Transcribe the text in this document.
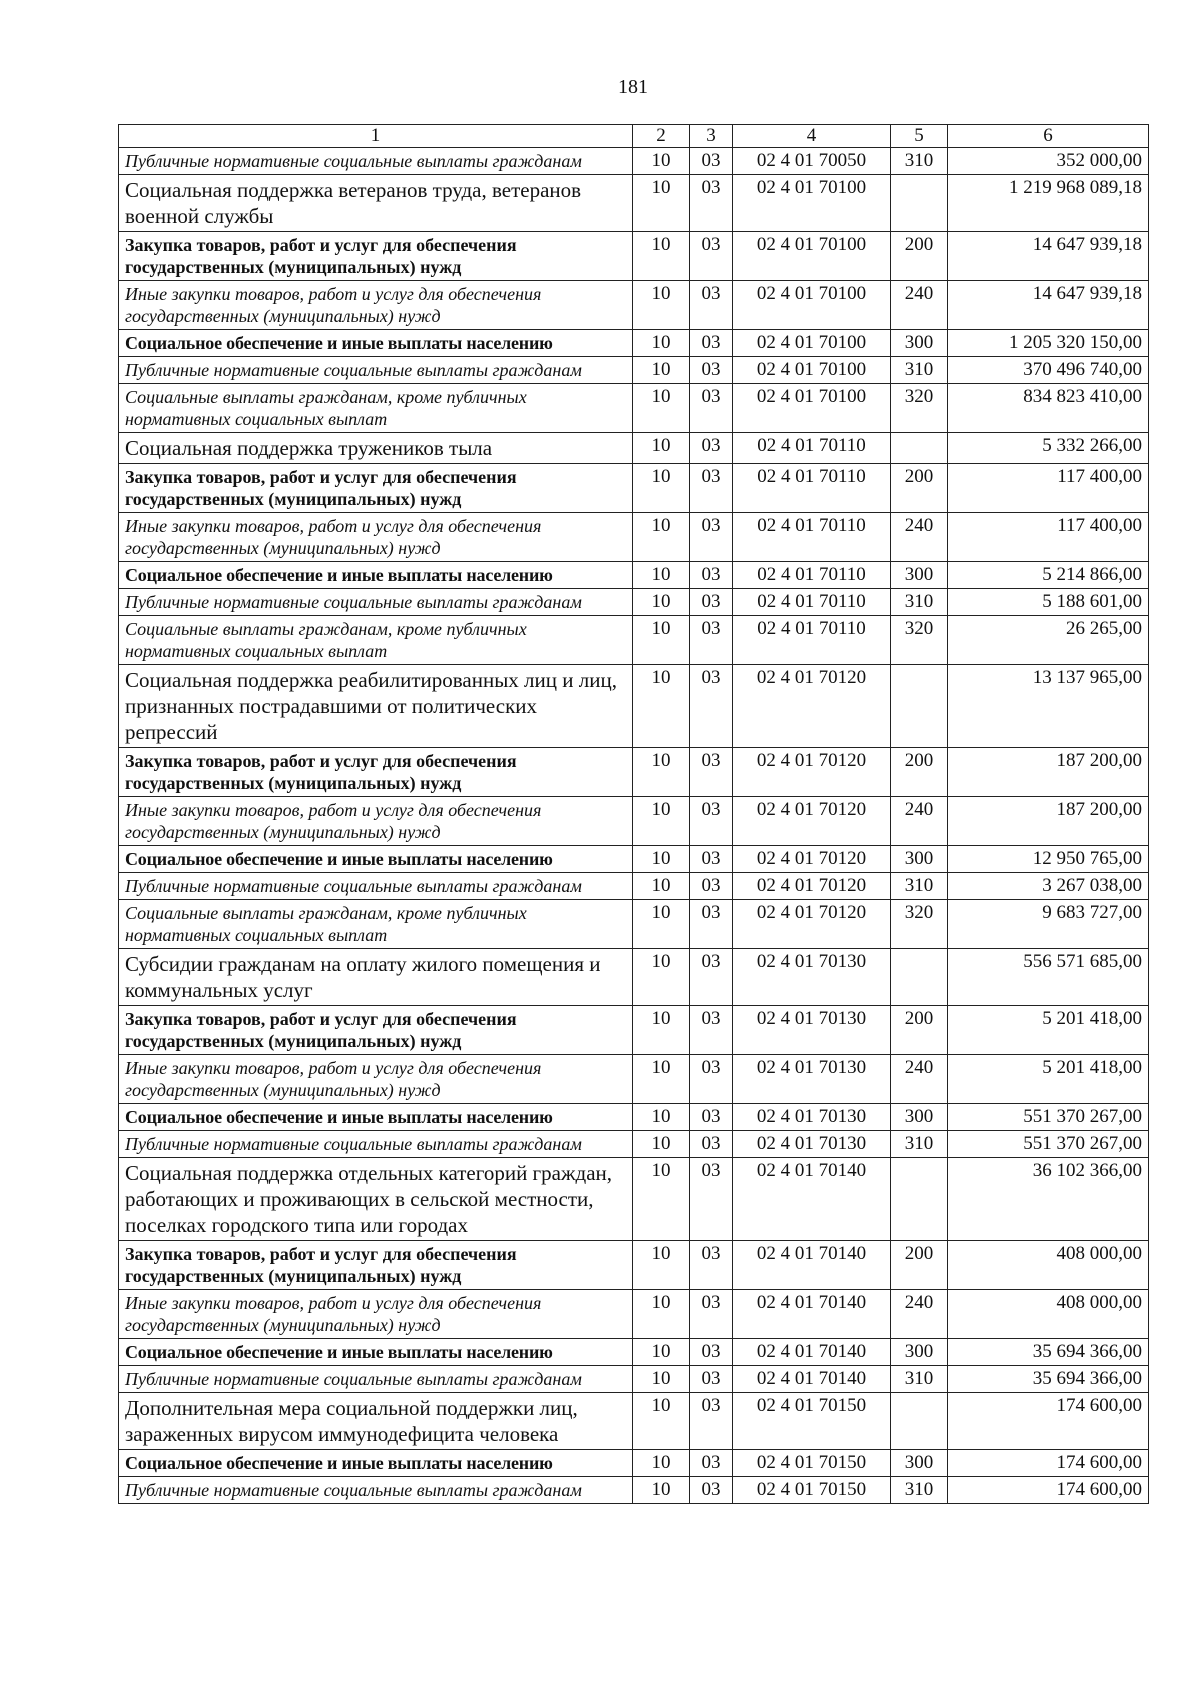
181
1	2	3	4	5	6
Публичные нормативные социальные выплаты гражданам	10	03	02 4 01 70050	310	352 000,00
Социальная поддержка ветеранов труда, ветеранов военной службы	10	03	02 4 01 70100		1 219 968 089,18
Закупка товаров, работ и услуг для обеспечения государственных (муниципальных) нужд	10	03	02 4 01 70100	200	14 647 939,18
Иные закупки товаров, работ и услуг для обеспечения государственных (муниципальных) нужд	10	03	02 4 01 70100	240	14 647 939,18
Социальное обеспечение и иные выплаты населению	10	03	02 4 01 70100	300	1 205 320 150,00
Публичные нормативные социальные выплаты гражданам	10	03	02 4 01 70100	310	370 496 740,00
Социальные выплаты гражданам, кроме публичных нормативных социальных выплат	10	03	02 4 01 70100	320	834 823 410,00
Социальная поддержка тружеников тыла	10	03	02 4 01 70110		5 332 266,00
Закупка товаров, работ и услуг для обеспечения государственных (муниципальных) нужд	10	03	02 4 01 70110	200	117 400,00
Иные закупки товаров, работ и услуг для обеспечения государственных (муниципальных) нужд	10	03	02 4 01 70110	240	117 400,00
Социальное обеспечение и иные выплаты населению	10	03	02 4 01 70110	300	5 214 866,00
Публичные нормативные социальные выплаты гражданам	10	03	02 4 01 70110	310	5 188 601,00
Социальные выплаты гражданам, кроме публичных нормативных социальных выплат	10	03	02 4 01 70110	320	26 265,00
Социальная поддержка реабилитированных лиц и лиц, признанных пострадавшими от политических репрессий	10	03	02 4 01 70120		13 137 965,00
Закупка товаров, работ и услуг для обеспечения государственных (муниципальных) нужд	10	03	02 4 01 70120	200	187 200,00
Иные закупки товаров, работ и услуг для обеспечения государственных (муниципальных) нужд	10	03	02 4 01 70120	240	187 200,00
Социальное обеспечение и иные выплаты населению	10	03	02 4 01 70120	300	12 950 765,00
Публичные нормативные социальные выплаты гражданам	10	03	02 4 01 70120	310	3 267 038,00
Социальные выплаты гражданам, кроме публичных нормативных социальных выплат	10	03	02 4 01 70120	320	9 683 727,00
Субсидии гражданам на оплату жилого помещения и коммунальных услуг	10	03	02 4 01 70130		556 571 685,00
Закупка товаров, работ и услуг для обеспечения государственных (муниципальных) нужд	10	03	02 4 01 70130	200	5 201 418,00
Иные закупки товаров, работ и услуг для обеспечения государственных (муниципальных) нужд	10	03	02 4 01 70130	240	5 201 418,00
Социальное обеспечение и иные выплаты населению	10	03	02 4 01 70130	300	551 370 267,00
Публичные нормативные социальные выплаты гражданам	10	03	02 4 01 70130	310	551 370 267,00
Социальная поддержка отдельных категорий граждан, работающих и проживающих в сельской местности, поселках городского типа или городах	10	03	02 4 01 70140		36 102 366,00
Закупка товаров, работ и услуг для обеспечения государственных (муниципальных) нужд	10	03	02 4 01 70140	200	408 000,00
Иные закупки товаров, работ и услуг для обеспечения государственных (муниципальных) нужд	10	03	02 4 01 70140	240	408 000,00
Социальное обеспечение и иные выплаты населению	10	03	02 4 01 70140	300	35 694 366,00
Публичные нормативные социальные выплаты гражданам	10	03	02 4 01 70140	310	35 694 366,00
Дополнительная мера социальной поддержки лиц, зараженных вирусом иммунодефицита человека	10	03	02 4 01 70150		174 600,00
Социальное обеспечение и иные выплаты населению	10	03	02 4 01 70150	300	174 600,00
Публичные нормативные социальные выплаты гражданам	10	03	02 4 01 70150	310	174 600,00
